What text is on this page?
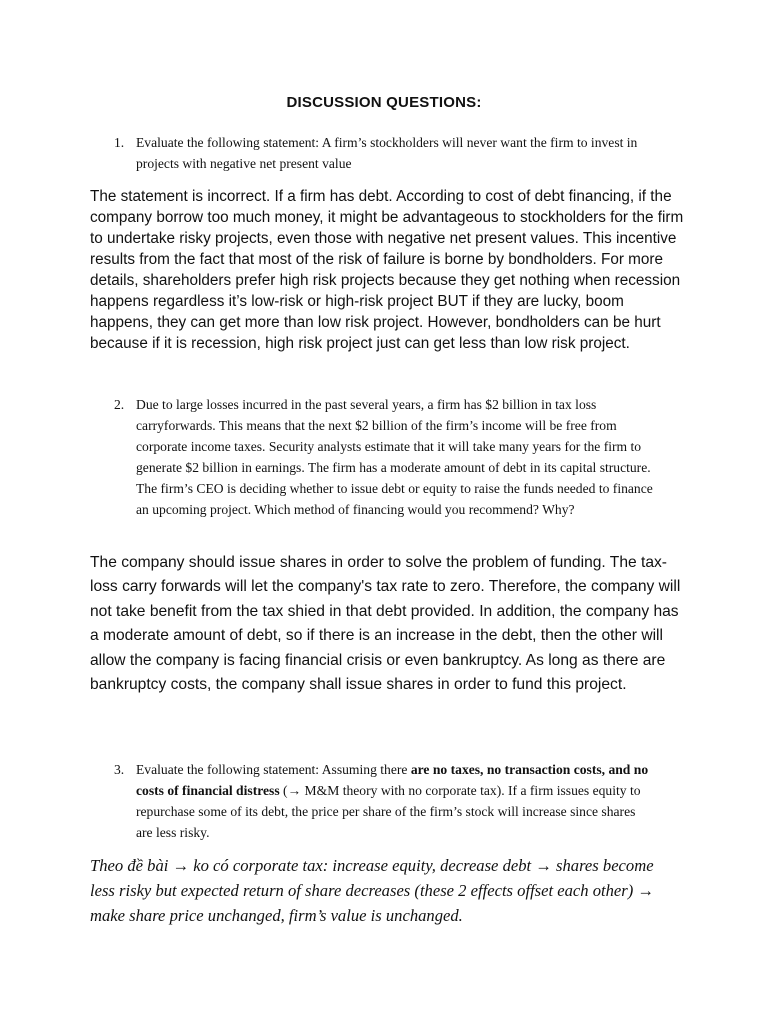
DISCUSSION QUESTIONS:
1. Evaluate the following statement: A firm’s stockholders will never want the firm to invest in projects with negative net present value
The statement is incorrect. If a firm has debt. According to cost of debt financing, if the company borrow too much money, it might be advantageous to stockholders for the firm to undertake risky projects, even those with negative net present values. This incentive results from the fact that most of the risk of failure is borne by bondholders. For more details, shareholders prefer high risk projects because they get nothing when recession happens regardless it’s low-risk or high-risk project BUT if they are lucky, boom happens, they can get more than low risk project. However, bondholders can be hurt because if it is recession, high risk project just can get less than low risk project.
2. Due to large losses incurred in the past several years, a firm has $2 billion in tax loss carryforwards. This means that the next $2 billion of the firm’s income will be free from corporate income taxes. Security analysts estimate that it will take many years for the firm to generate $2 billion in earnings. The firm has a moderate amount of debt in its capital structure. The firm’s CEO is deciding whether to issue debt or equity to raise the funds needed to finance an upcoming project. Which method of financing would you recommend? Why?
The company should issue shares in order to solve the problem of funding. The tax-loss carry forwards will let the company's tax rate to zero. Therefore, the company will not take benefit from the tax shied in that debt provided. In addition, the company has a moderate amount of debt, so if there is an increase in the debt, then the other will allow the company is facing financial crisis or even bankruptcy. As long as there are bankruptcy costs, the company shall issue shares in order to fund this project.
3. Evaluate the following statement: Assuming there are no taxes, no transaction costs, and no costs of financial distress (→ M&M theory with no corporate tax). If a firm issues equity to repurchase some of its debt, the price per share of the firm’s stock will increase since shares are less risky.
Theo đề bài → ko có corporate tax: increase equity, decrease debt → shares become less risky but expected return of share decreases (these 2 effects offset each other) → make share price unchanged, firm’s value is unchanged.
